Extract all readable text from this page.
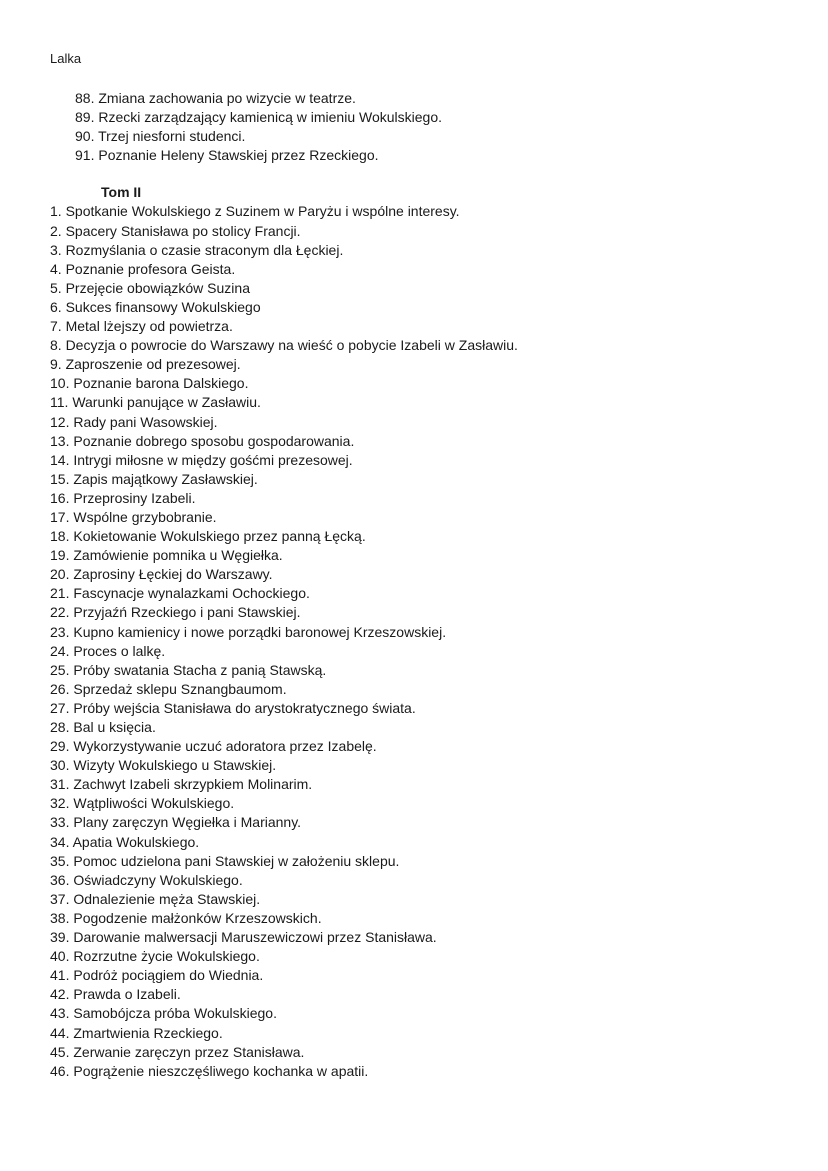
Lalka
88. Zmiana zachowania po wizycie w teatrze.
89. Rzecki zarządzający kamienicą w imieniu Wokulskiego.
90. Trzej niesforni studenci.
91. Poznanie Heleny Stawskiej przez Rzeckiego.
Tom II
1. Spotkanie Wokulskiego z Suzinem w Paryżu i wspólne interesy.
2. Spacery Stanisława po stolicy Francji.
3. Rozmyślania o czasie straconym dla Łęckiej.
4. Poznanie profesora Geista.
5. Przejęcie obowiązków Suzina
6. Sukces finansowy Wokulskiego
7. Metal lżejszy od powietrza.
8. Decyzja o powrocie do Warszawy na wieść o pobycie Izabeli w Zasławiu.
9. Zaproszenie od prezesowej.
10. Poznanie barona Dalskiego.
11. Warunki panujące w Zasławiu.
12. Rady pani Wasowskiej.
13. Poznanie dobrego sposobu gospodarowania.
14. Intrygi miłosne w między gośćmi prezesowej.
15. Zapis majątkowy Zasławskiej.
16. Przeprosiny Izabeli.
17. Wspólne grzybobranie.
18. Kokietowanie Wokulskiego przez panną Łęcką.
19. Zamówienie pomnika u Węgiełka.
20. Zaprosiny Łęckiej do Warszawy.
21. Fascynacje wynalazkami Ochockiego.
22. Przyjaźń Rzeckiego i pani Stawskiej.
23. Kupno kamienicy i nowe porządki baronowej Krzeszowskiej.
24. Proces o lalkę.
25. Próby swatania Stacha z panią Stawską.
26. Sprzedaż sklepu Sznangbaumom.
27. Próby wejścia Stanisława do arystokratycznego świata.
28. Bal u księcia.
29. Wykorzystywanie uczuć adoratora przez Izabelę.
30. Wizyty Wokulskiego u Stawskiej.
31. Zachwyt Izabeli skrzypkiem Molinarim.
32. Wątpliwości Wokulskiego.
33. Plany zaręczyn Węgiełka i Marianny.
34. Apatia Wokulskiego.
35. Pomoc udzielona pani Stawskiej w założeniu sklepu.
36. Oświadczyny Wokulskiego.
37. Odnalezienie męża Stawskiej.
38. Pogodzenie małżonków Krzeszowskich.
39. Darowanie malwersacji Maruszewiczowi przez Stanisława.
40. Rozrzutne życie Wokulskiego.
41. Podróż pociągiem do Wiednia.
42. Prawda o Izabeli.
43. Samobójcza próba Wokulskiego.
44. Zmartwienia Rzeckiego.
45. Zerwanie zaręczyn przez Stanisława.
46. Pogrążenie nieszczęśliwego kochanka w apatii.
